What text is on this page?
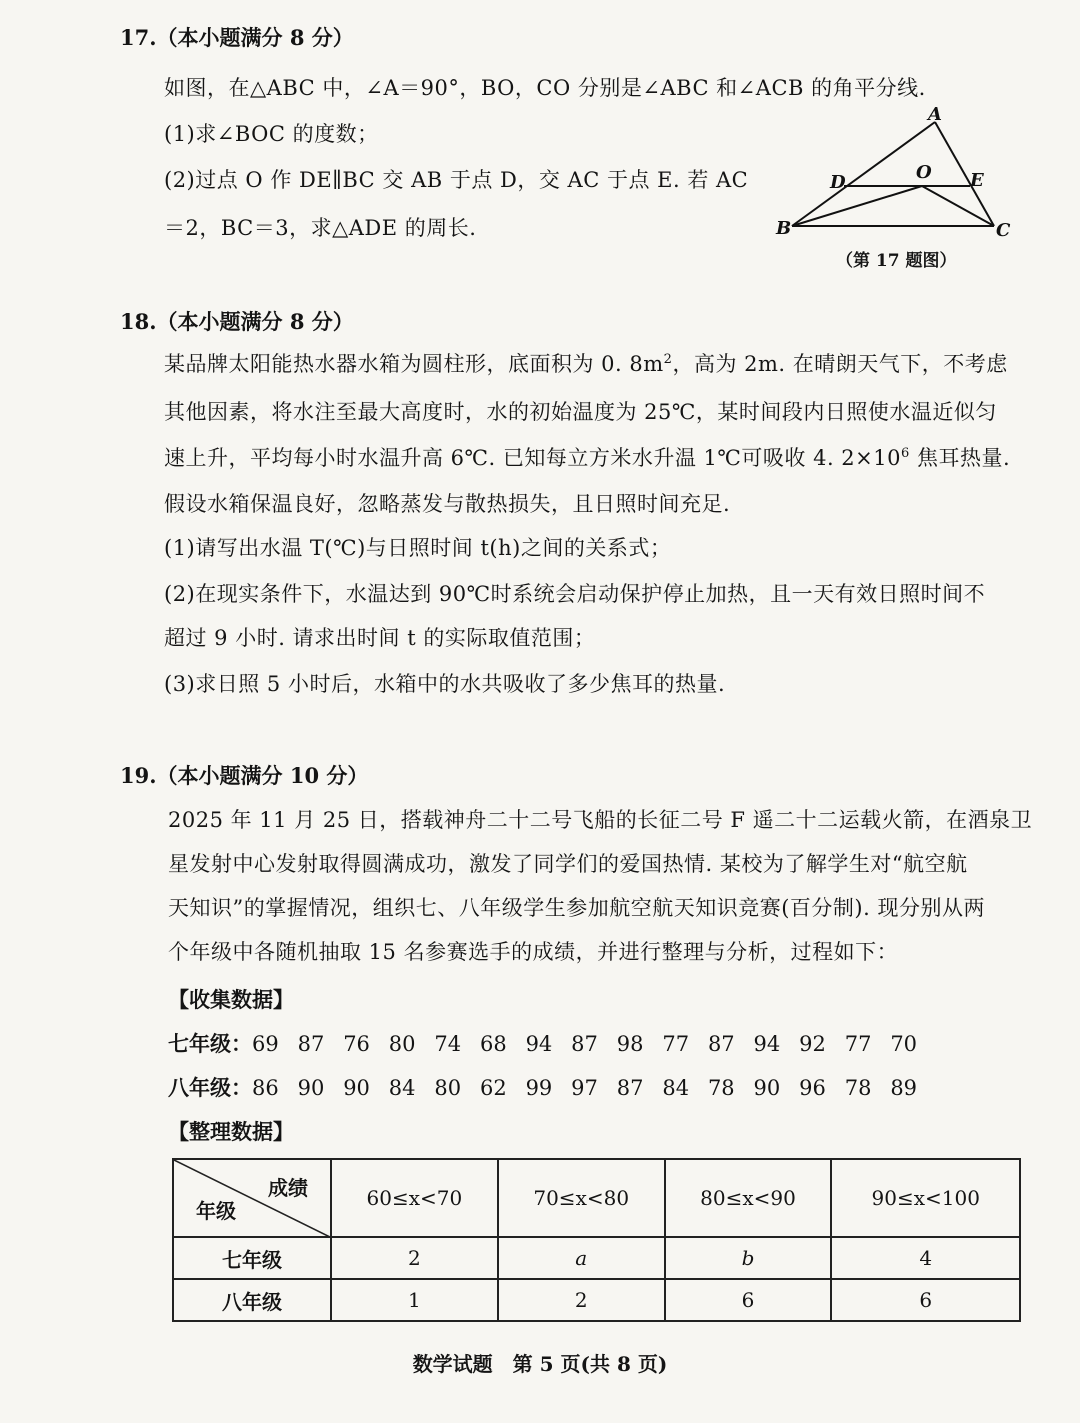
17.（本小题满分 8 分）
如图，在△ABC 中，∠A＝90°，BO，CO 分别是∠ABC 和∠ACB 的角平分线.
(1)求∠BOC 的度数；
(2)过点 O 作 DE∥BC 交 AB 于点 D，交 AC 于点 E. 若 AC
＝2，BC＝3，求△ADE 的周长.
A
B	C
D	E
O
（第 17 题图）
18.（本小题满分 8 分）
某品牌太阳能热水器水箱为圆柱形，底面积为 0. $8m^2$，高为 2m. 在晴朗天气下，不考虑
其他因素，将水注至最大高度时，水的初始温度为 25℃，某时间段内日照使水温近似匀
速上升，平均每小时水温升高 6℃. 已知每立方米水升温 1℃可吸收 4. $2\times 10^6$ 焦耳热量.
假设水箱保温良好，忽略蒸发与散热损失，且日照时间充足.
(1)请写出水温 T(℃)与日照时间 t(h)之间的关系式；
(2)在现实条件下，水温达到 90℃时系统会启动保护停止加热，且一天有效日照时间不
超过 9 小时. 请求出时间 t 的实际取值范围；
(3)求日照 5 小时后，水箱中的水共吸收了多少焦耳的热量.
19.（本小题满分 10 分）
2025 年 11 月 25 日，搭载神舟二十二号飞船的长征二号 F 遥二十二运载火箭，在酒泉卫
星发射中心发射取得圆满成功，激发了同学们的爱国热情. 某校为了解学生对“航空航
天知识”的掌握情况，组织七、八年级学生参加航空航天知识竞赛(百分制). 现分别从两
个年级中各随机抽取 15 名参赛选手的成绩，并进行整理与分析，过程如下：
【收集数据】
七年级：69 87 76 80 74 68 94 87 98 77 87 94 92 77 70
八年级：86 90 90 84 80 62 99 97 87 84 78 90 96 78 89
【整理数据】
成绩
年级	60≤x<70	70≤x<80	80≤x<90	90≤x<100
七年级	2	a	b	4
八年级	1	2	6	6
数学试题　第 5 页(共 8 页)
